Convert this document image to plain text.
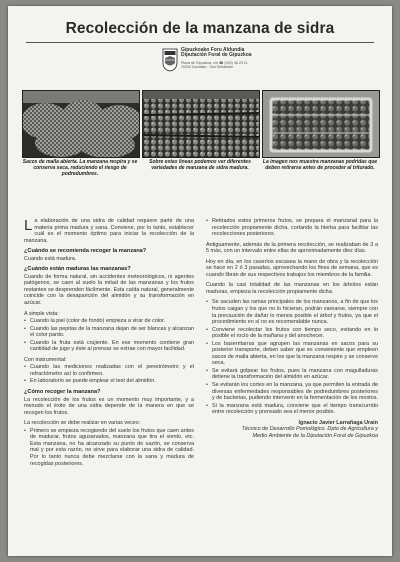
Recolección de la manzana de sidra
Gipuzkoako Foru Aldundia
Diputación Foral de Gipuzkoa
Plaza de Gipuzkoa, s/n ☎ (943) 48 23 11
20004 Donostia - San Sebastián
Sacos de malla abierta. La manzana respira y se conserva seca, reduciendo el riesgo de podredumbres.
Sobre estas líneas podemos ver diferentes variedades de manzana de sidra madura.
La imagen nos muestra manzanas podridas que deben retirarse antes de proceder al triturado.

La elaboración de una sidra de calidad requiere partir de una materia prima madura y sana. Conviene, por lo tanto, establecer cuál es el momento óptimo para iniciar la recolección de la manzana.

¿Cuándo se recomienda recoger la manzana?

Cuando está madura.

¿Cuándo están maduras las manzanas?

Cuando de forma natural, sin accidentes meteorológicos, ni agentes patógenos, se caen al suelo la mitad de las manzanas y los frutos restantes se desprenden fácilmente. Esta caída natural, generalmente coincide con la desaparición del almidón y su transformación en azúcar.

A simple vista:

• Cuando la piel (color de fondo) empieza a virar de color.
• Cuando las pepitas de la manzana dejan de ser blancas y alcanzan el color pardo.
• Cuando la fruta está crujiente. En ese momento contiene gran cantidad de jugo y éste al prensar se extrae con mayor facilidad.

Con instrumental:

• Cuando las mediciones realizadas con el penetrómetro y el refractómetro así lo confirmen.
• En laboratorio se puede emplear el test del almidón.
¿Cómo recoger la manzana?

La recolección de los frutos es un momento muy importante, y a menudo el éxito de una sidra depende de la manera en que se recogen los frutos.

La recolección se debe realizar en varias veces:

• Primero se empieza recogiendo del suelo los frutos que caen antes de madurar, frutos agusanados, manzana que tira el viento, etc. Esta manzana, no ha alcanzado su punto de sazón, se conserva mal y por esta razón, no sirve para elaborar una sidra de calidad. Por lo tanto nunca debe mezclarse con la sana y madura de recogidas posteriores.
• Retirados estos primeros frutos, se prepara el manzanal para la recolección propiamente dicha, cortando la hierba para facilitar las recolecciones posteriores.

Antiguamente, además de la primera recolección, se realizaban de 3 a 5 más, con un intervalo entre ellas de aproximadamente diez días.

Hoy en día, en los caseríos escasea la mano de obra y la recolección se hace en 2 ó 3 pasadas, aprovechando los fines de semana, que es cuando libran de sus respectivos trabajos los miembros de la familia.

Cuando la casi totalidad de las manzanas en los árboles están maduras, empieza la recolección propiamente dicha.

• Se sacuden las ramas principales de los manzanos, a fin de que los frutos caigan y los que no lo hicieran, podrán varearse, siempre con la precaución de dañar lo menos posible el árbol y frutos, ya que el procedimiento en sí no es recomendable nunca.
• Conviene recolectar los frutos con tiempo seco, evitando en lo posible el rocío de la mañana y del anochecer.
• Los baserritarras que agrupen las manzanas en sacos para su posterior transporte, deben saber que es conveniente que empleen sacos de malla abierta, en los que la manzana respire y se conserve seca.
• Se evitará golpear los frutos, pues la manzana con magulladuras detiene la transformación del almidón en azúcar.
• Se evitarán los cortes en la manzana, ya que permiten la entrada de diversas enfermedades responsables de podredumbres posteriores y de bacterias, pudiendo intervenir en la fermentación de los mostos.
• Si la manzana está madura, conviene que el tiempo transcurrido entre recolección y prensado sea el menor posible.
Ignacio Javier Larrañaga Urain
Técnico de Desarrollo Pomológico. Dpto de Agricultura y
Medio Ambiente de la Diputación Foral de Gipuzkoa
